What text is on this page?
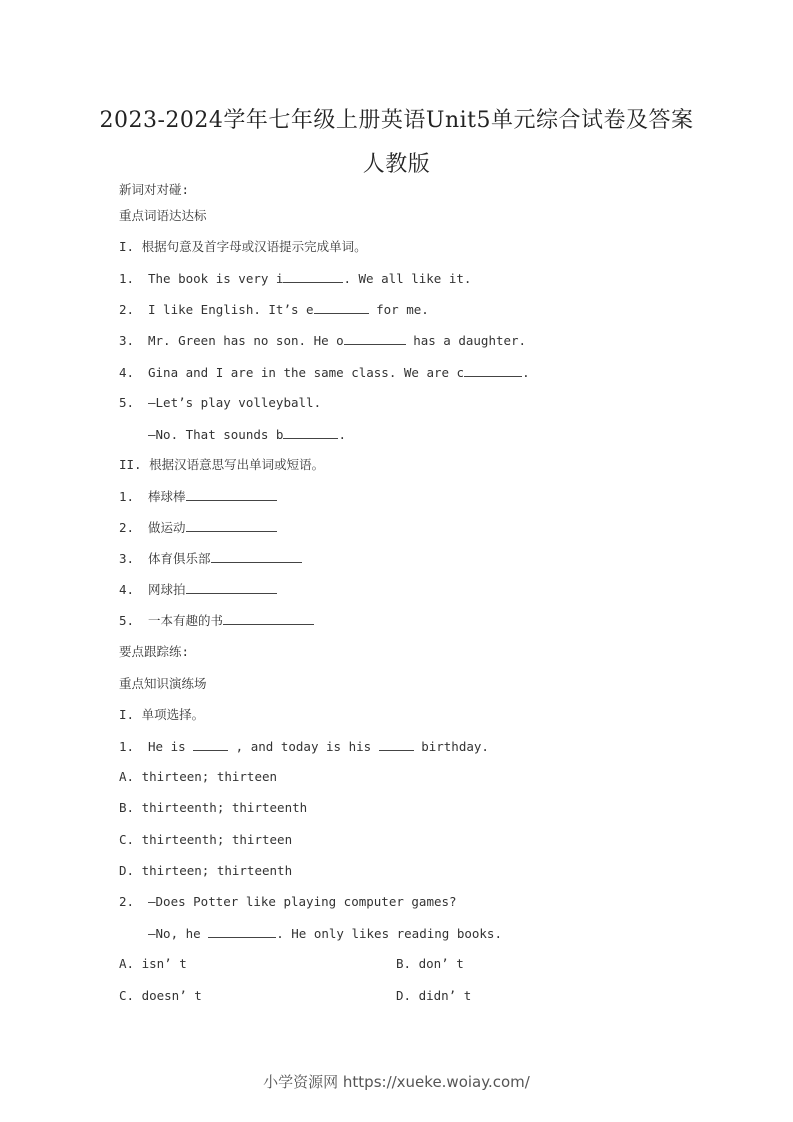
2023-2024学年七年级上册英语Unit5单元综合试卷及答案
人教版
新词对对碰:
重点词语达达标
I. 根据句意及首字母或汉语提示完成单词。
1. The book is very i	. We all like it.
2. I like English. It’s e	for me.
3. Mr. Green has no son. He o	has a daughter.
4. Gina and I are in the same class. We are c	.
5. —Let’s play volleyball.
—No. That sounds b	.
II. 根据汉语意思写出单词或短语。
1. 棒球棒
2. 做运动
3. 体育俱乐部
4. 网球拍
5. 一本有趣的书
要点跟踪练:
重点知识演练场
I. 单项选择。
1. He is	, and today is his	birthday.
A. thirteen; thirteen
B. thirteenth; thirteenth
C. thirteenth; thirteen
D. thirteen; thirteenth
2. —Does Potter like playing computer games?
—No, he	. He only likes reading books.
A. isn’ t	B. don’ t
C. doesn’ t	D. didn’ t
小学资源网 https://xueke.woiay.com/
